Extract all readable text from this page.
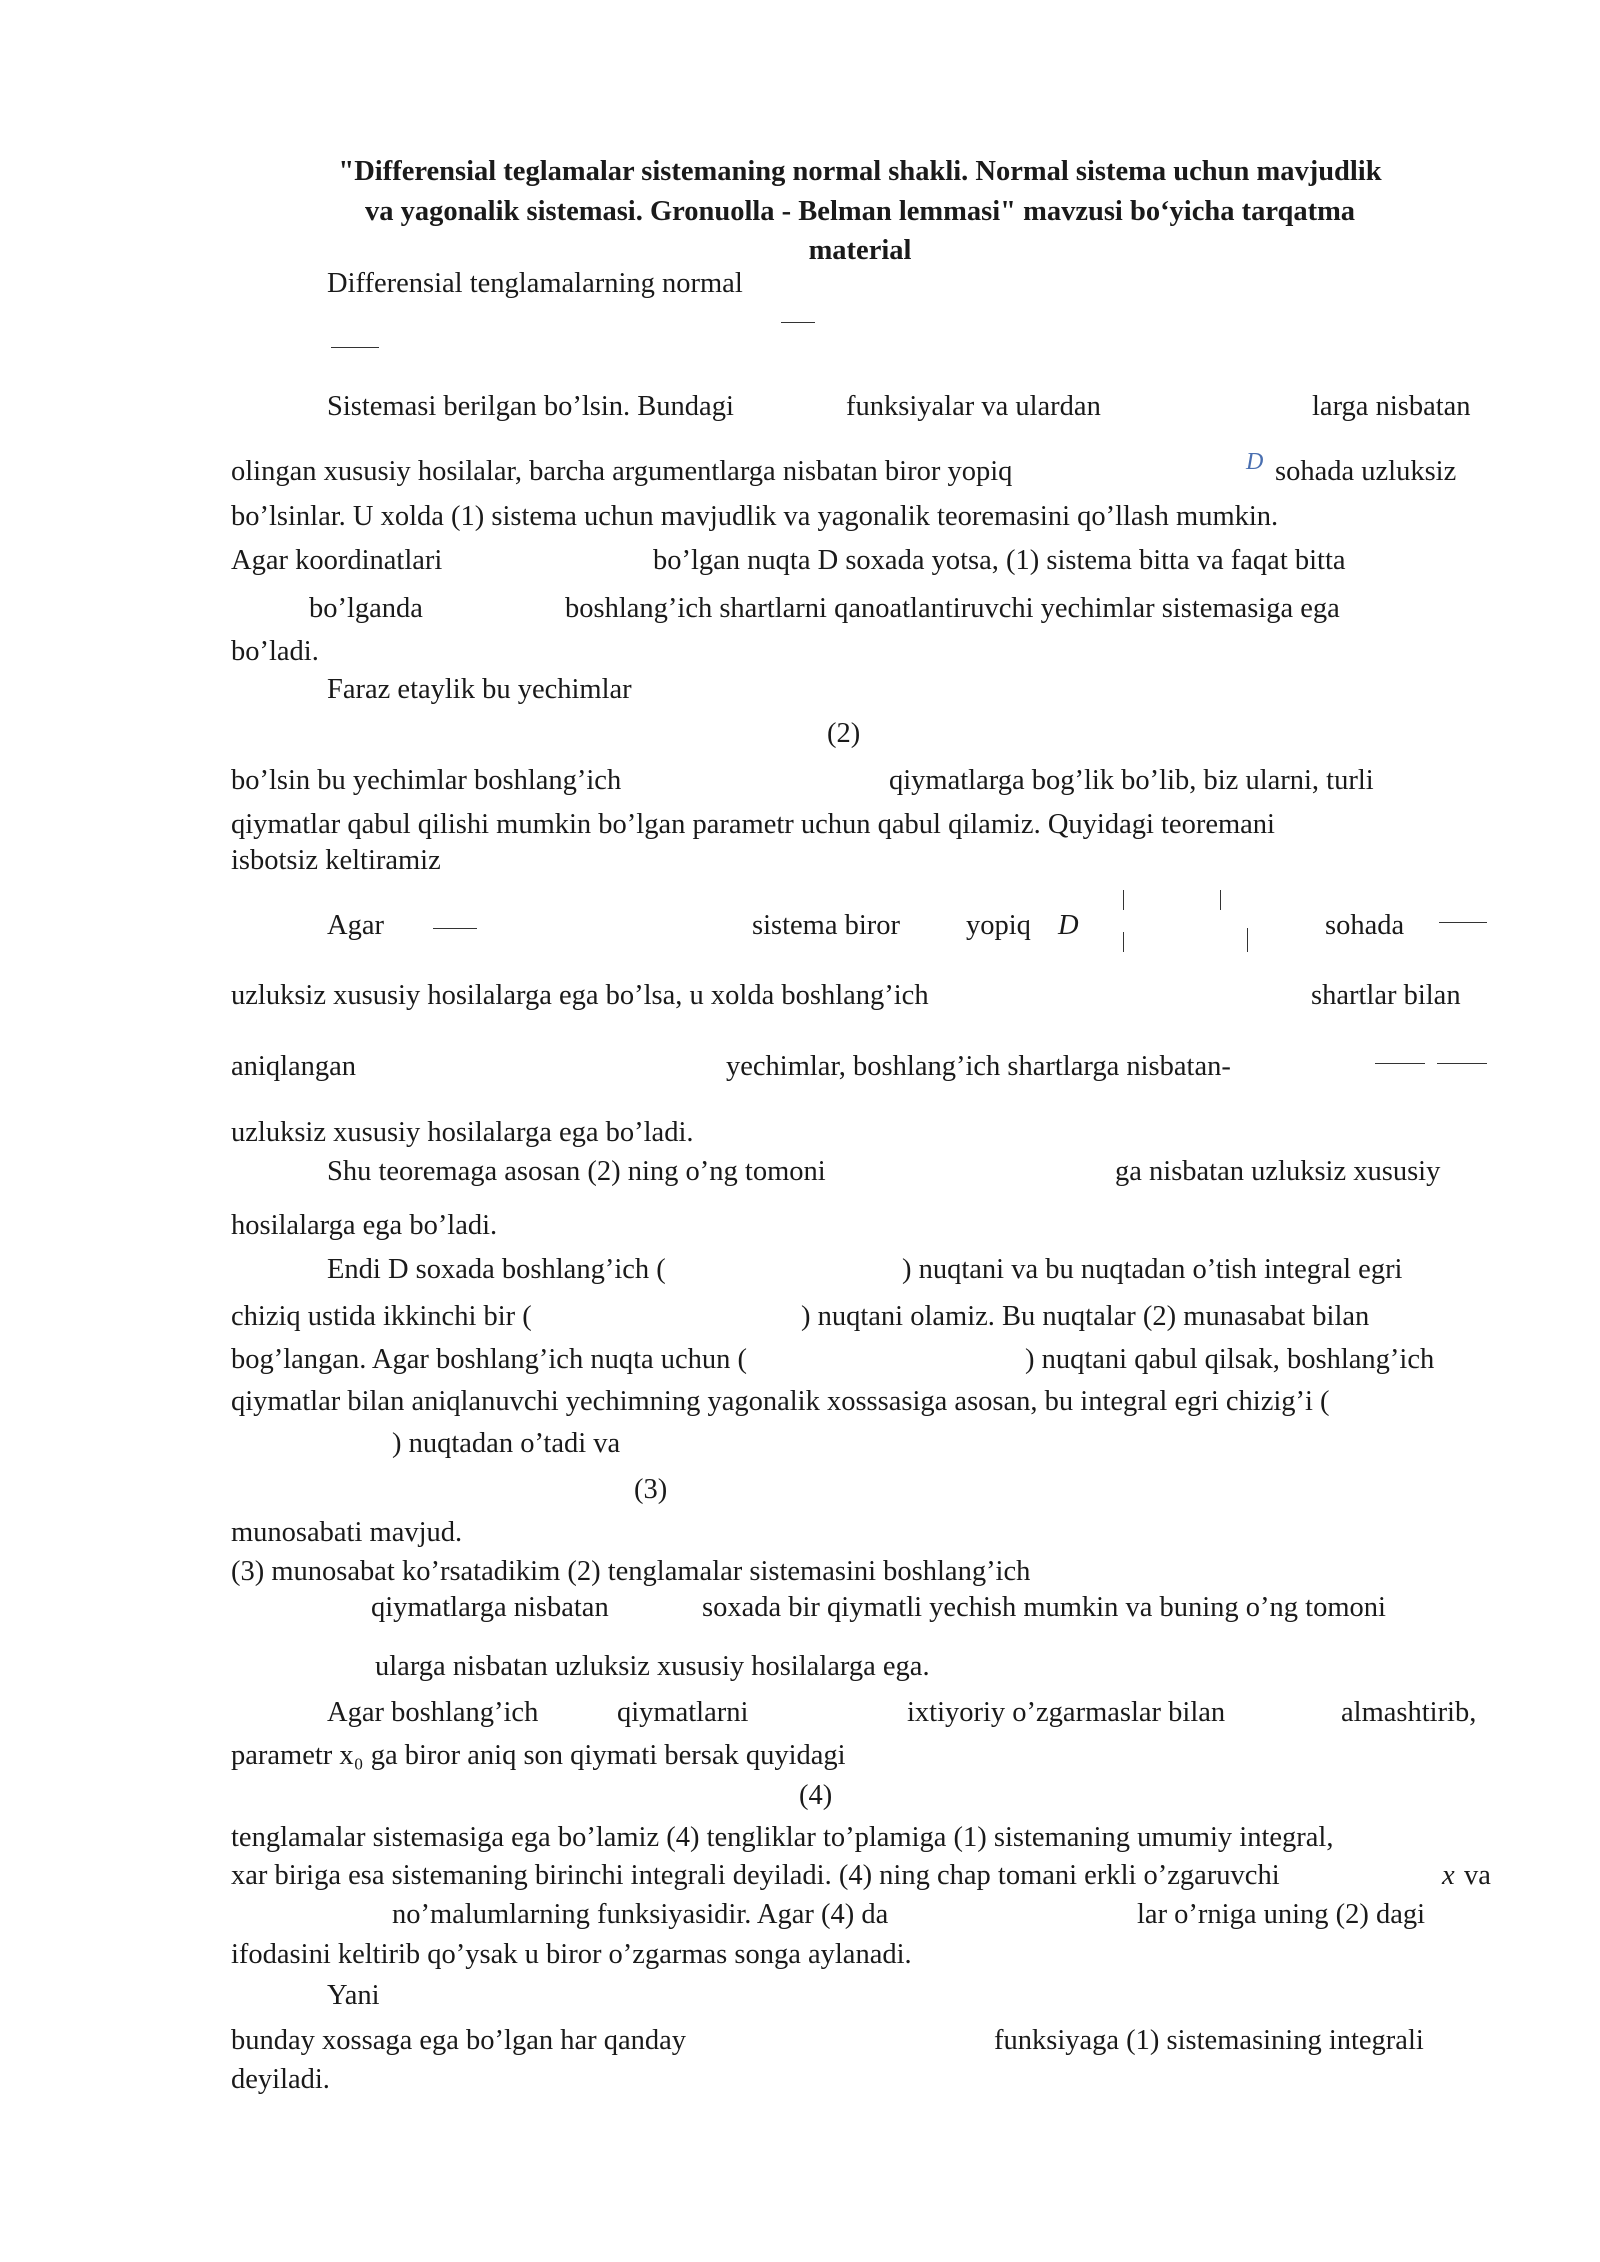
"Differensial teglamalar sistemaning normal shakli. Normal sistema uchun mavjudlik
va yagonalik sistemasi. Gronuolla - Belman lemmasi" mavzusi bo‘yicha tarqatma
material
Differensial tenglamalarning normal
Sistemasi berilgan bo’lsin. Bundagi	funksiyalar va ulardan	larga nisbatan
olingan xususiy hosilalar, barcha argumentlarga nisbatan biror yopiq	D sohada uzluksiz
bo’lsinlar. U xolda (1) sistema uchun mavjudlik va yagonalik teoremasini qo’llash mumkin.
Agar koordinatlari	bo’lgan nuqta D soxada yotsa, (1) sistema bitta va faqat bitta
bo’lganda	boshlang’ich shartlarni qanoatlantiruvchi yechimlar sistemasiga ega
bo’ladi.
Faraz etaylik bu yechimlar
(2)
bo’lsin bu yechimlar boshlang’ich	qiymatlarga bog’lik bo’lib, biz ularni, turli
qiymatlar qabul qilishi mumkin bo’lgan parametr uchun qabul qilamiz. Quyidagi teoremani
isbotsiz keltiramiz
Agar	sistema biror yopiq D	sohada
uzluksiz xususiy hosilalarga ega bo’lsa, u xolda boshlang’ich	shartlar bilan
aniqlangan	yechimlar, boshlang’ich shartlarga nisbatan-
uzluksiz xususiy hosilalarga ega bo’ladi.
Shu teoremaga asosan (2) ning o’ng tomoni	ga nisbatan uzluksiz xususiy
hosilalarga ega bo’ladi.
Endi D soxada boshlang’ich (	) nuqtani va bu nuqtadan o’tish integral egri
chiziq ustida ikkinchi bir (	) nuqtani olamiz. Bu nuqtalar (2) munasabat bilan
bog’langan. Agar boshlang’ich nuqta uchun (	) nuqtani qabul qilsak, boshlang’ich
qiymatlar bilan aniqlanuvchi yechimning yagonalik xosssasiga asosan, bu integral egri chizig’i (
) nuqtadan o’tadi va
(3)
munosabati mavjud.
(3) munosabat ko’rsatadikim (2) tenglamalar sistemasini boshlang’ich
qiymatlarga nisbatan	soxada bir qiymatli yechish mumkin va buning o’ng tomoni
ularga nisbatan uzluksiz xususiy hosilalarga ega.
Agar boshlang’ich	qiymatlarni	ixtiyoriy o’zgarmaslar bilan	almashtirib,
parametr x₀ ga biror aniq son qiymati bersak quyidagi
(4)
tenglamalar sistemasiga ega bo’lamiz (4) tengliklar to’plamiga (1) sistemaning umumiy integral,
xar biriga esa sistemaning birinchi integrali deyiladi. (4) ning chap tomani erkli o’zgaruvchi	x va
no’malumlarning funksiyasidir. Agar (4) da	lar o’rniga uning (2) dagi
ifodasini keltirib qo’ysak u biror o’zgarmas songa aylanadi.
Yani
bunday xossaga ega bo’lgan har qanday	funksiyaga (1) sistemasining integrali
deyiladi.
